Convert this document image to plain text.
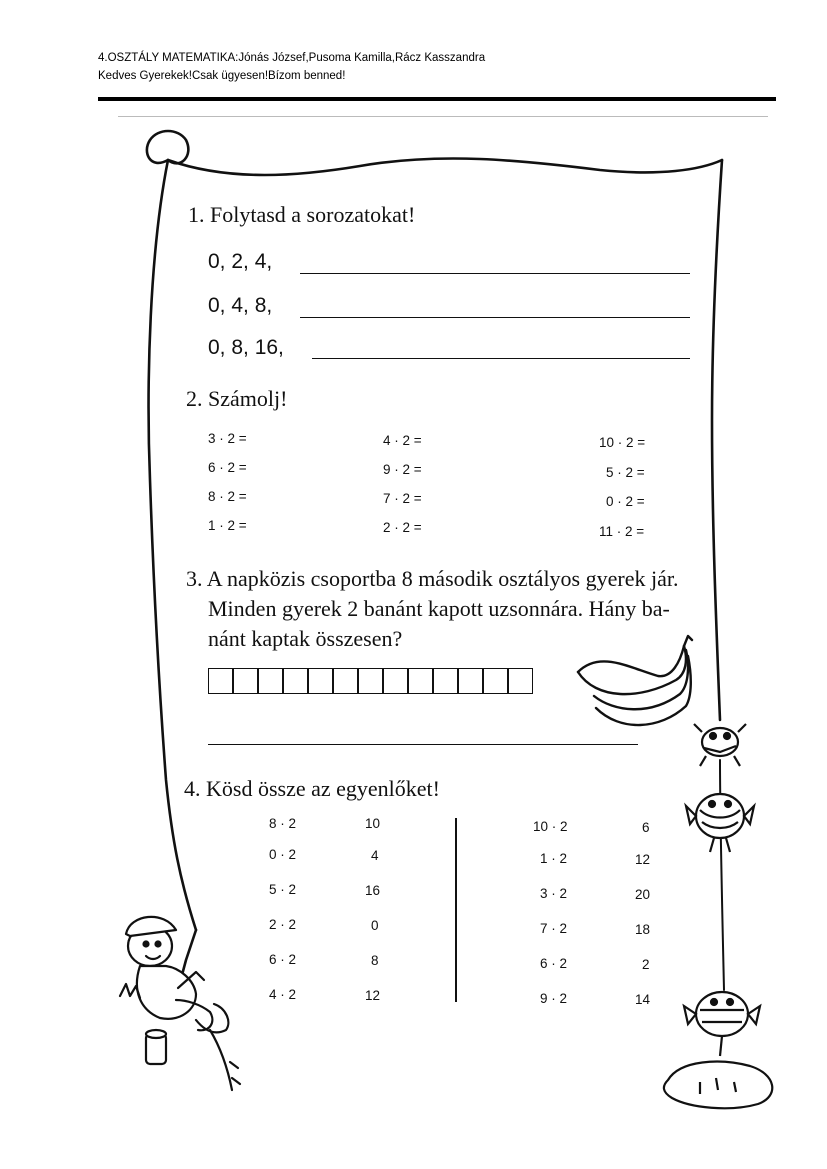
4.OSZTÁLY MATEMATIKA:Jónás József,Pusoma Kamilla,Rácz Kasszandra
Kedves Gyerekek!Csak ügyesen!Bízom benned!
1. Folytasd a sorozatokat!
0, 2, 4,
0, 4, 8,
0, 8, 16,
2. Számolj!
3 · 2 =
6 · 2 =
8 · 2 =
1 · 2 =
4 · 2 =
9 · 2 =
7 · 2 =
2 · 2 =
10 · 2 =
5 · 2 =
0 · 2 =
11 · 2 =
3. A napközis csoportba 8 második osztályos gyerek jár.
Minden gyerek 2 banánt kapott uzsonnára. Hány ba-
nánt kaptak összesen?
4. Kösd össze az egyenlőket!
8 · 2
0 · 2
5 · 2
2 · 2
6 · 2
4 · 2
10
4
16
0
8
12
10 · 2
1 · 2
3 · 2
7 · 2
6 · 2
9 · 2
6
12
20
18
2
14
